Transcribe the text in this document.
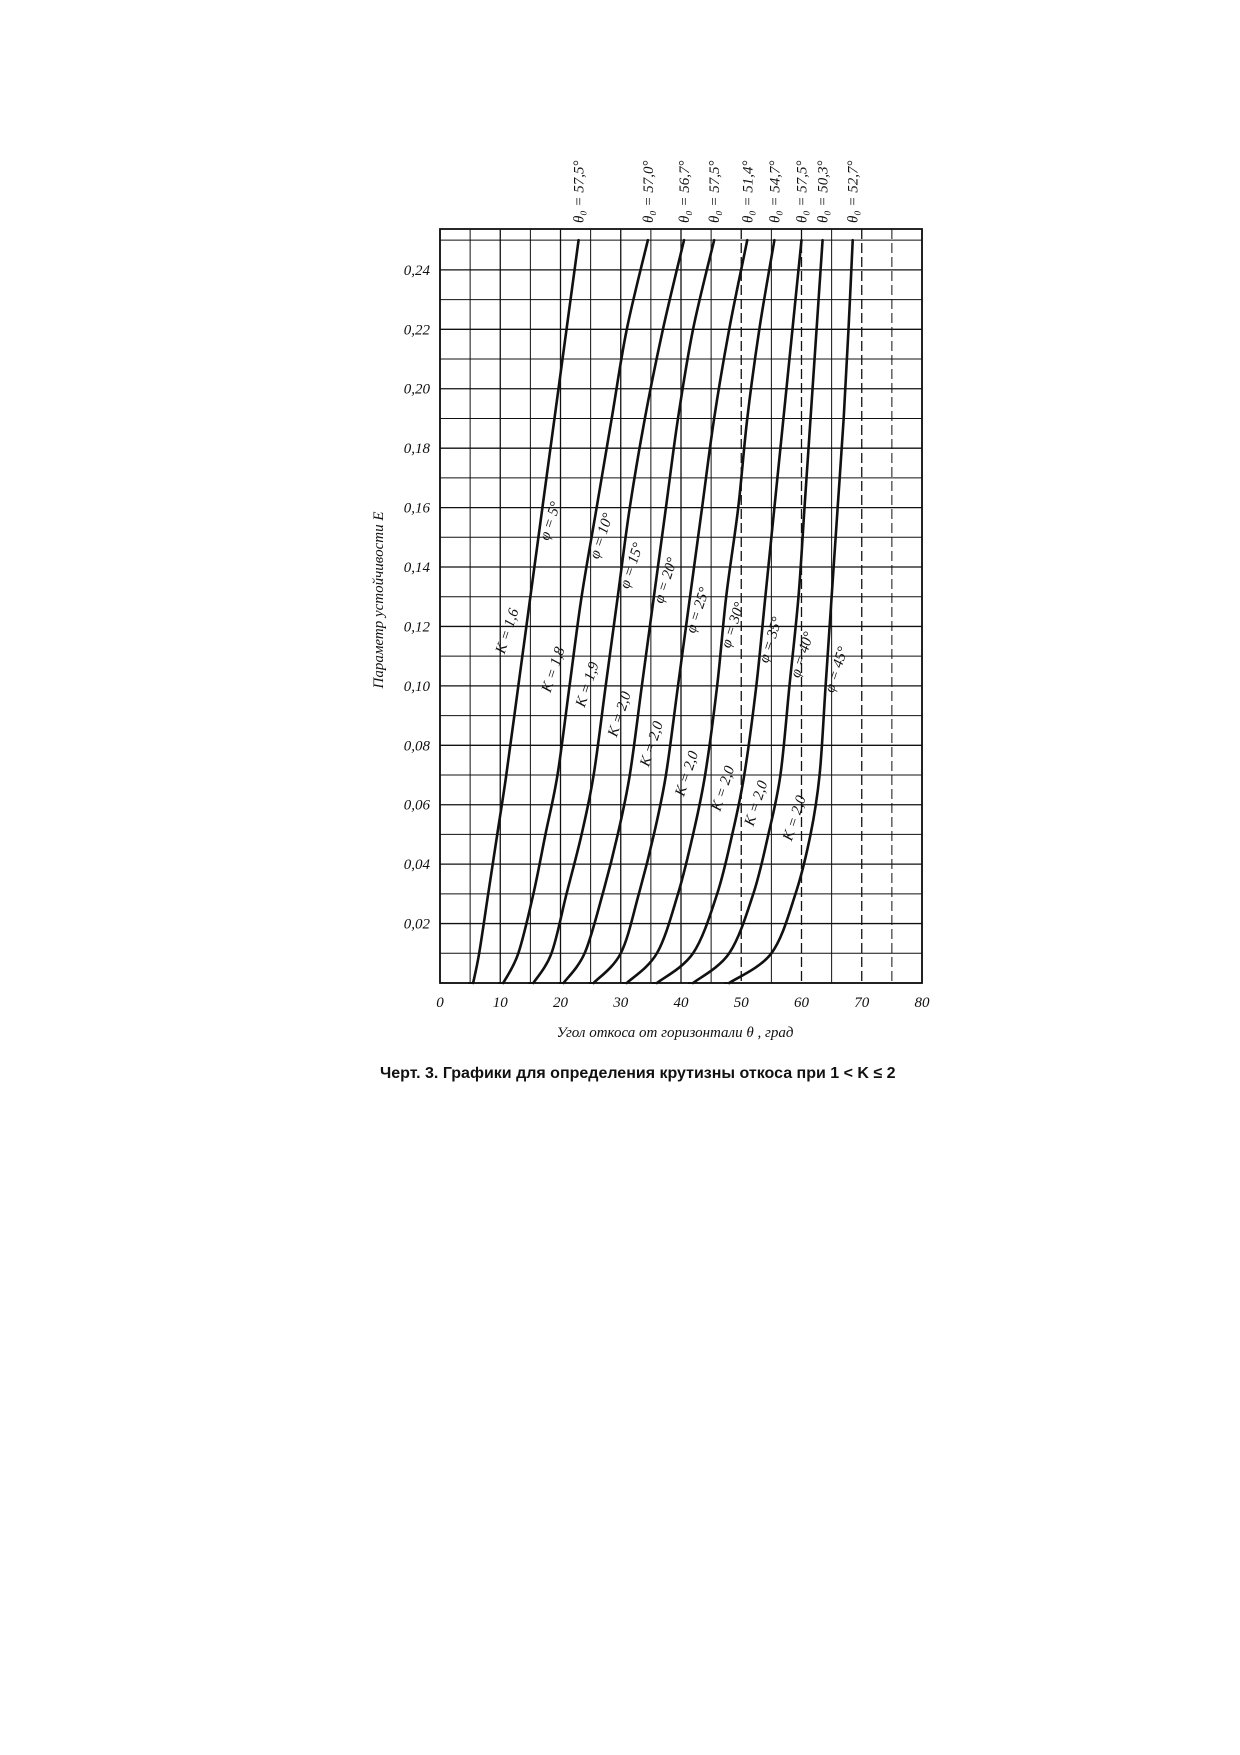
0	10	20	30	40	50	60	70	80
0,02
0,04
0,06
0,08
0,10
0,12
0,14
0,16
0,18
0,20
0,22
0,24
φ = 5°
K = 1,6
θ₀ = 57,5°
φ = 10°
K = 1,8
θ₀ = 57,0°
φ = 15°
K = 1,9
θ₀ = 56,7°
φ = 20°
K = 2,0
θ₀ = 57,5°
φ = 25°
K = 2,0
θ₀ = 51,4°
φ = 30°
K = 2,0
θ₀ = 54,7°
φ = 35°
K = 2,0
θ₀ = 57,5°
φ = 40°
K = 2,0
θ₀ = 50,3°
φ = 45°
K = 2,0
θ₀ = 52,7°
Угол откоса от горизонтали θ , град
Параметр устойчивости Е
Черт. 3. Графики для определения крутизны откоса при 1 < K ≤ 2
